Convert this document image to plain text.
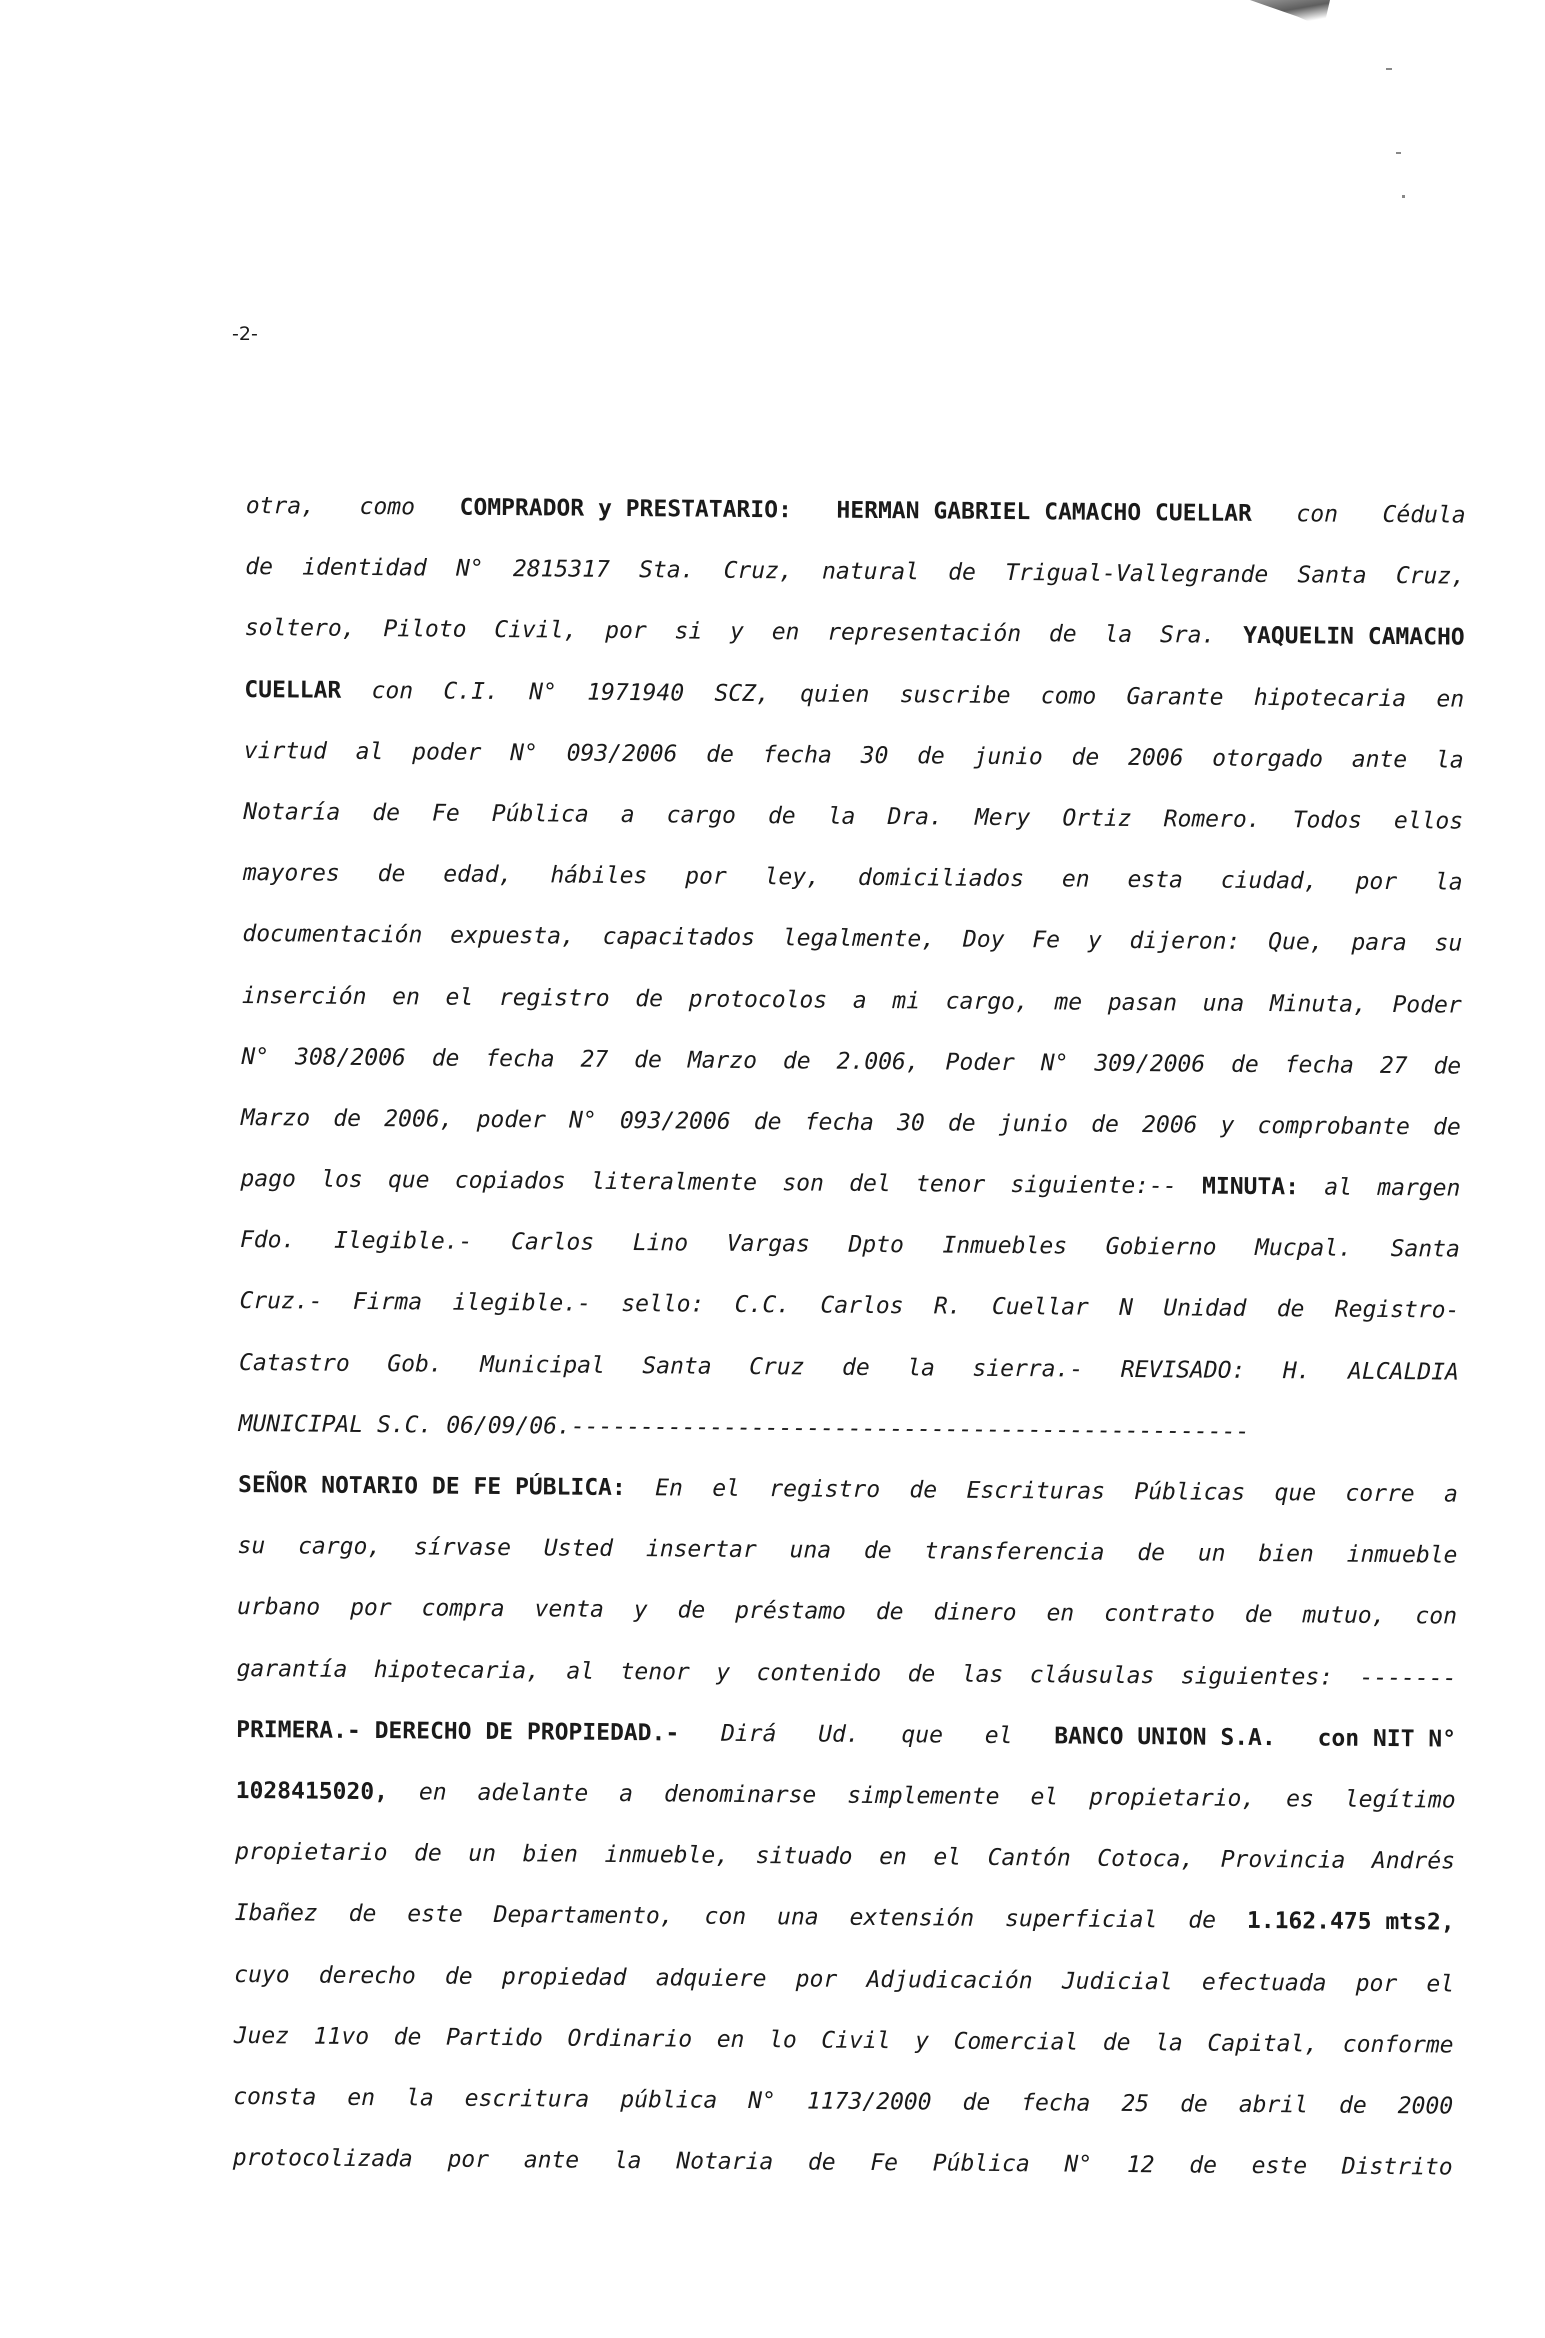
-2-
otra, como COMPRADOR y PRESTATARIO: HERMAN GABRIEL CAMACHO CUELLAR con Cédula
de identidad N° 2815317 Sta. Cruz, natural de Trigual-Vallegrande Santa Cruz,
soltero, Piloto Civil, por si y en representación de la Sra. YAQUELIN CAMACHO
CUELLAR con C.I. N° 1971940 SCZ, quien suscribe como Garante hipotecaria en
virtud al poder N° 093/2006 de fecha 30 de junio de 2006 otorgado ante la
Notaría de Fe Pública a cargo de la Dra. Mery Ortiz Romero. Todos ellos
mayores de edad, hábiles por ley, domiciliados en esta ciudad, por la
documentación expuesta, capacitados legalmente, Doy Fe y dijeron: Que, para su
inserción en el registro de protocolos a mi cargo, me pasan una Minuta, Poder
N° 308/2006 de fecha 27 de Marzo de 2.006, Poder N° 309/2006 de fecha 27 de
Marzo de 2006, poder N° 093/2006 de fecha 30 de junio de 2006 y comprobante de
pago los que copiados literalmente son del tenor siguiente:-- MINUTA: al margen
Fdo. Ilegible.- Carlos Lino Vargas Dpto Inmuebles Gobierno Mucpal. Santa
Cruz.- Firma ilegible.- sello: C.C. Carlos R. Cuellar N Unidad de Registro-
Catastro Gob. Municipal Santa Cruz de la sierra.- REVISADO: H. ALCALDIA
MUNICIPAL S.C. 06/09/06.-------------------------------------------------
SEÑOR NOTARIO DE FE PÚBLICA: En el registro de Escrituras Públicas que corre a
su cargo, sírvase Usted insertar una de transferencia de un bien inmueble
urbano por compra venta y de préstamo de dinero en contrato de mutuo, con
garantía hipotecaria, al tenor y contenido de las cláusulas siguientes: -------
PRIMERA.- DERECHO DE PROPIEDAD.- Dirá Ud. que el BANCO UNION S.A. con NIT N°
1028415020, en adelante a denominarse simplemente el propietario, es legítimo
propietario de un bien inmueble, situado en el Cantón Cotoca, Provincia Andrés
Ibañez de este Departamento, con una extensión superficial de 1.162.475 mts2,
cuyo derecho de propiedad adquiere por Adjudicación Judicial efectuada por el
Juez 11vo de Partido Ordinario en lo Civil y Comercial de la Capital, conforme
consta en la escritura pública N° 1173/2000 de fecha 25 de abril de 2000
protocolizada por ante la Notaria de Fe Pública N° 12 de este Distrito
